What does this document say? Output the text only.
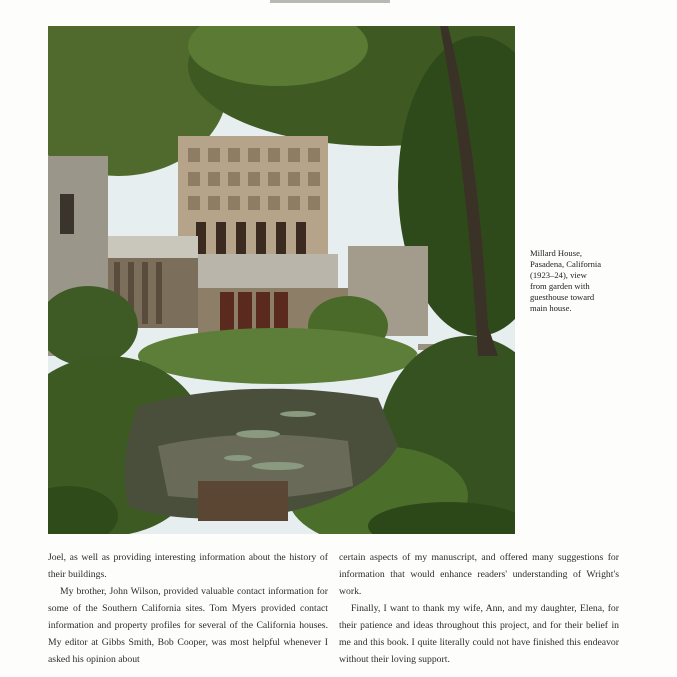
Millard House,
Pasadena, California
(1923–24), view
from garden with
guesthouse toward
main house.

Joel, as well as providing interesting information about the history of their buildings.

My brother, John Wilson, provided valuable contact information for some of the Southern California sites. Tom Myers provided contact information and property profiles for several of the California houses. My editor at Gibbs Smith, Bob Cooper, was most helpful whenever I asked his opinion about

certain aspects of my manuscript, and offered many suggestions for information that would enhance readers' understanding of Wright's work.

Finally, I want to thank my wife, Ann, and my daughter, Elena, for their patience and ideas throughout this project, and for their belief in me and this book. I quite literally could not have finished this endeavor without their loving support.
